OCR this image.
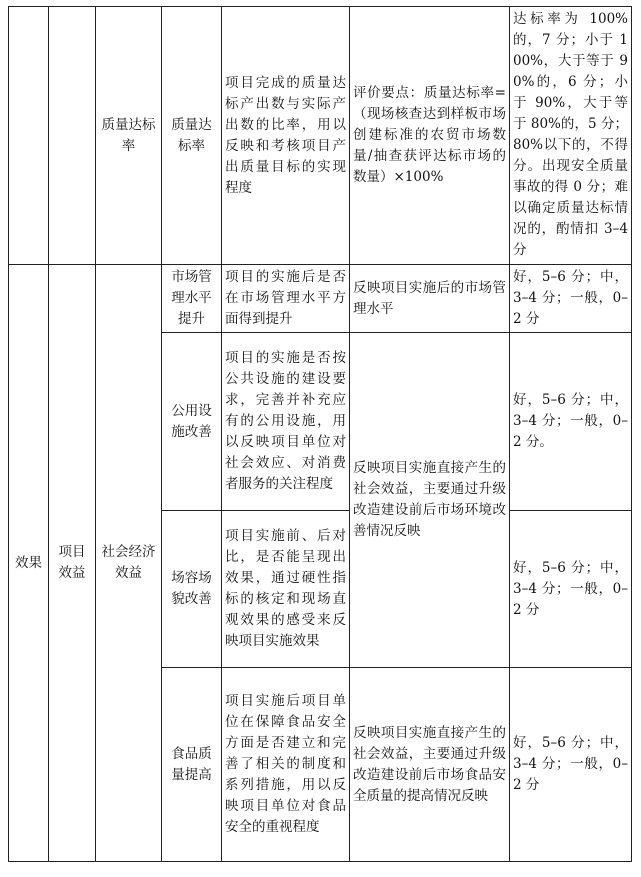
		质量达标率	质量达标率	项目完成的质量达标产出数与实际产出数的比率，用以反映和考核项目产出质量目标的实现程度	评价要点：质量达标率=（现场核查达到样板市场创建标准的农贸市场数量/抽查获评达标市场的数量）×100%	达标率为 100%的，7 分；小于 100%，大于等于 90%的，6 分；小于 90%，大于等于 80%的，5 分；80%以下的，不得分。出现安全质量事故的得 0 分；难以确定质量达标情况的，酌情扣 3–4 分
效果	项目效益	社会经济效益	市场管理水平提升	项目的实施后是否在市场管理水平方面得到提升	反映项目实施后的市场管理水平	好，5–6 分；中，3–4 分；一般，0–2 分
			公用设施改善	项目的实施是否按公共设施的建设要求，完善并补充应有的公用设施，用以反映项目单位对社会效应、对消费者服务的关注程度	反映项目实施直接产生的社会效益，主要通过升级改造建设前后市场环境改善情况反映	好，5–6 分；中，3–4 分；一般，0–2 分。
			场容场貌改善	项目实施前、后对比，是否能呈现出效果，通过硬性指标的核定和现场直观效果的感受来反映项目实施效果		好，5–6 分；中，3–4 分；一般，0–2 分
			食品质量提高	项目实施后项目单位在保障食品安全方面是否建立和完善了相关的制度和系列措施，用以反映项目单位对食品安全的重视程度	反映项目实施直接产生的社会效益，主要通过升级改造建设前后市场食品安全质量的提高情况反映	好，5–6 分；中，3–4 分；一般，0–2 分
